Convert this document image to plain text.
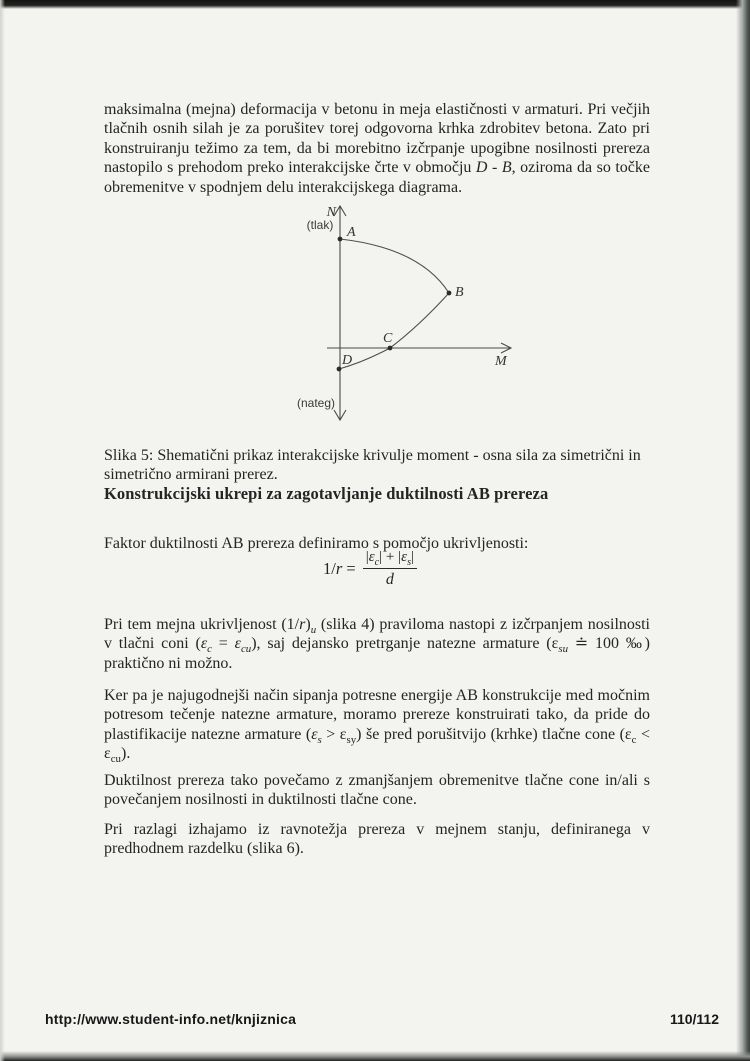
maksimalna (mejna) deformacija v betonu in meja elastičnosti v armaturi. Pri večjih tlačnih osnih silah je za porušitev torej odgovorna krhka zdrobitev betona. Zato pri konstruiranju težimo za tem, da bi morebitno izčrpanje upogibne nosilnosti prereza nastopilo s prehodom preko interakcijske črte v območju D - B, oziroma da so točke obremenitve v spodnjem delu interakcijskega diagrama.

N
(tlak) A
B
C
D	M
(nateg)

Slika 5: Shematični prikaz interakcijske krivulje moment - osna sila za simetrični in simetrično armirani prerez.

Konstrukcijski ukrepi za zagotavljanje duktilnosti AB prereza

Faktor duktilnosti AB prereza definiramo s pomočjo ukrivljenosti:

$1/r = \frac{|\varepsilon_c| + |\varepsilon_s|}{d}$

Pri tem mejna ukrivljenost $(1/r)_u$ (slika 4) praviloma nastopi z izčrpanjem nosilnosti v tlačni coni $(\varepsilon_c = \varepsilon_{cu})$, saj dejansko pretrganje natezne armature ($\varepsilon_{su}$ ≐ 100 ‰) praktično ni možno.

Ker pa je najugodnejši način sipanja potresne energije AB konstrukcije med močnim potresom tečenje natezne armature, moramo prereze konstruirati tako, da pride do plastifikacije natezne armature $(\varepsilon_s > \varepsilon_{sy})$ še pred porušitvijo (krhke) tlačne cone $(\varepsilon_c < \varepsilon_{cu})$.

Duktilnost prereza tako povečamo z zmanjšanjem obremenitve tlačne cone in/ali s povečanjem nosilnosti in duktilnosti tlačne cone.

Pri razlagi izhajamo iz ravnotežja prereza v mejnem stanju, definiranega v predhodnem razdelku (slika 6).

http://www.student-info.net/knjiznica	110/112
